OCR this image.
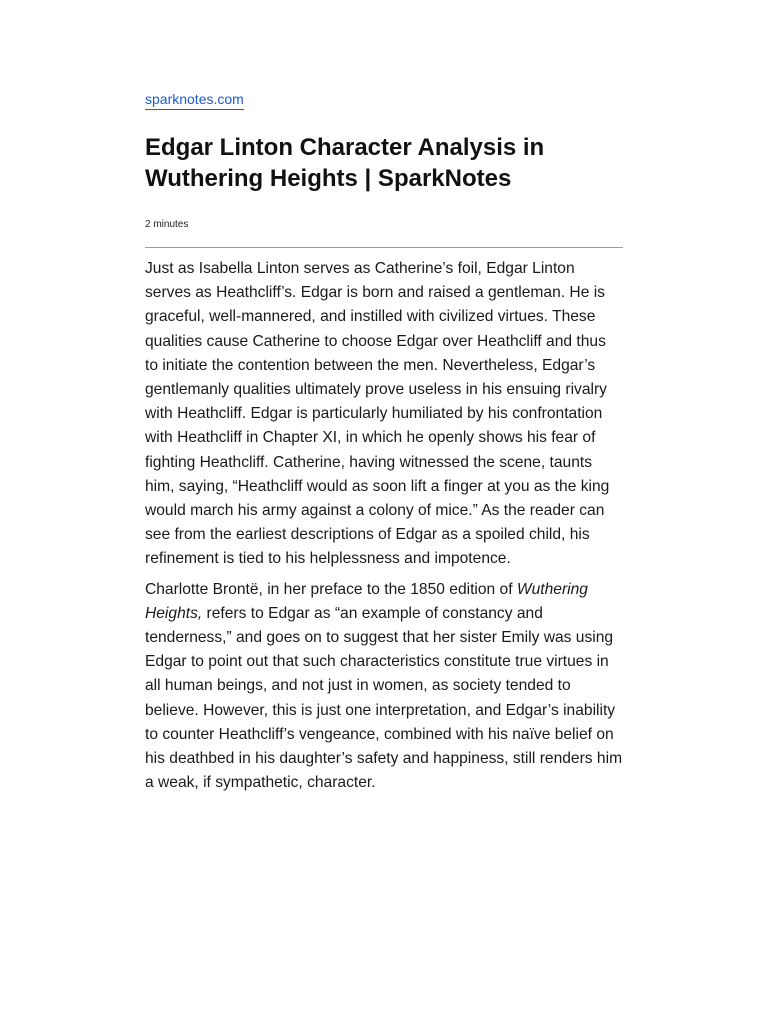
sparknotes.com
Edgar Linton Character Analysis in Wuthering Heights | SparkNotes
2 minutes

Just as Isabella Linton serves as Catherine’s foil, Edgar Linton serves as Heathcliff’s. Edgar is born and raised a gentleman. He is graceful, well-mannered, and instilled with civilized virtues. These qualities cause Catherine to choose Edgar over Heathcliff and thus to initiate the contention between the men. Nevertheless, Edgar’s gentlemanly qualities ultimately prove useless in his ensuing rivalry with Heathcliff. Edgar is particularly humiliated by his confrontation with Heathcliff in Chapter XI, in which he openly shows his fear of fighting Heathcliff. Catherine, having witnessed the scene, taunts him, saying, “Heathcliff would as soon lift a finger at you as the king would march his army against a colony of mice.” As the reader can see from the earliest descriptions of Edgar as a spoiled child, his refinement is tied to his helplessness and impotence.

Charlotte Brontë, in her preface to the 1850 edition of Wuthering Heights, refers to Edgar as “an example of constancy and tenderness,” and goes on to suggest that her sister Emily was using Edgar to point out that such characteristics constitute true virtues in all human beings, and not just in women, as society tended to believe. However, this is just one interpretation, and Edgar’s inability to counter Heathcliff’s vengeance, combined with his naïve belief on his deathbed in his daughter’s safety and happiness, still renders him a weak, if sympathetic, character.
